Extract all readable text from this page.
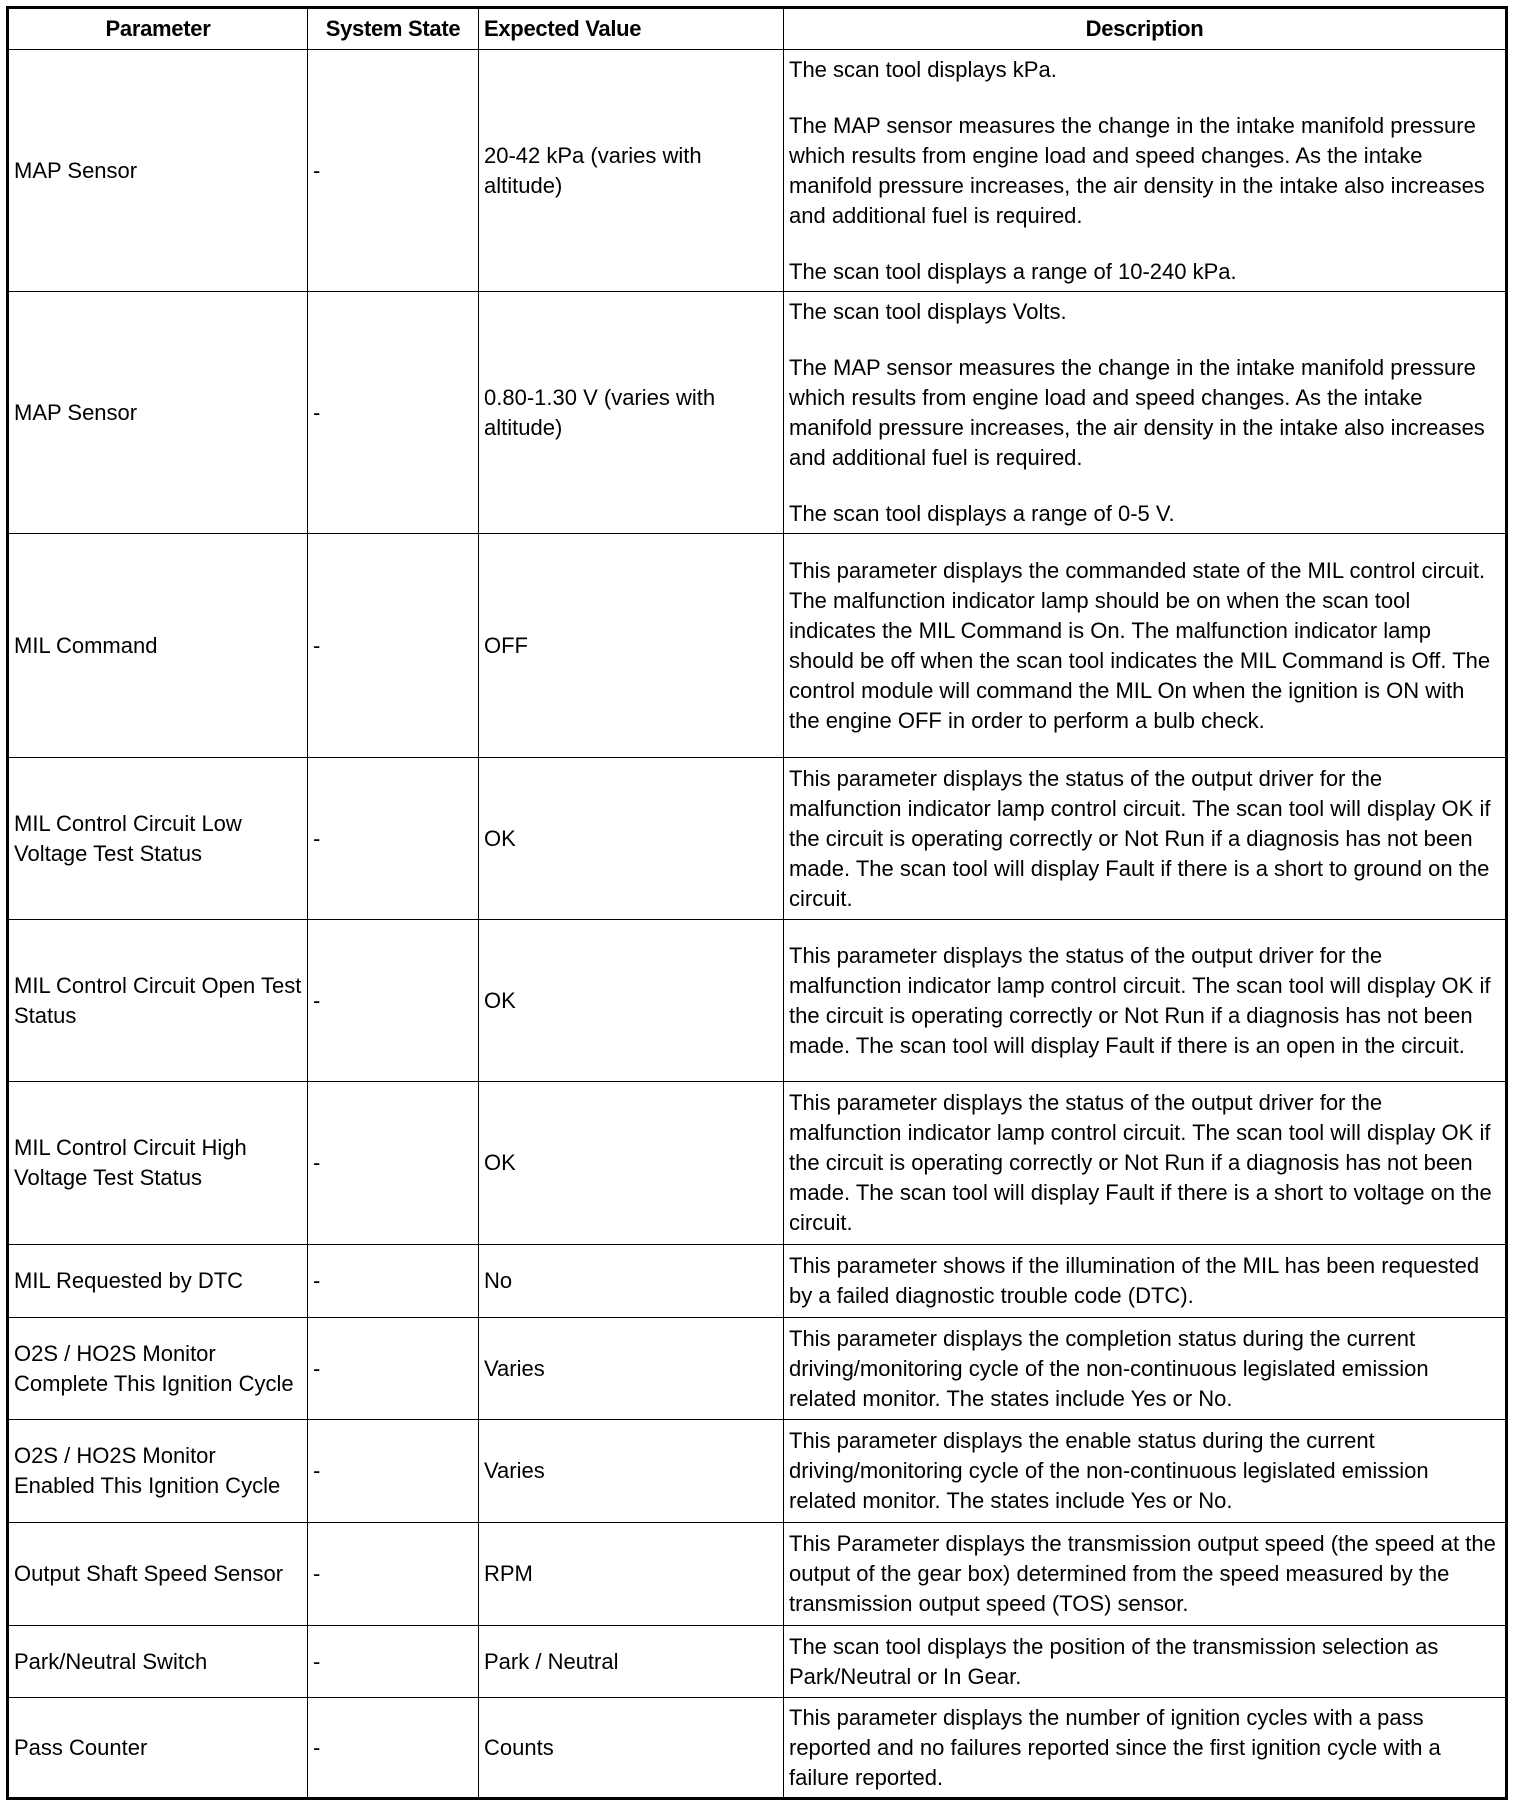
Parameter	System State	Expected Value	Description
MAP Sensor	-	20-42 kPa (varies with altitude)	The scan tool displays kPa.

The MAP sensor measures the change in the intake manifold pressure which results from engine load and speed changes. As the intake manifold pressure increases, the air density in the intake also increases and additional fuel is required.

The scan tool displays a range of 10-240 kPa.

MAP Sensor	-	0.80-1.30 V (varies with altitude)	The scan tool displays Volts.

The MAP sensor measures the change in the intake manifold pressure which results from engine load and speed changes. As the intake manifold pressure increases, the air density in the intake also increases and additional fuel is required.

The scan tool displays a range of 0-5 V.

MIL Command	-	OFF	This parameter displays the commanded state of the MIL control circuit. The malfunction indicator lamp should be on when the scan tool indicates the MIL Command is On. The malfunction indicator lamp should be off when the scan tool indicates the MIL Command is Off. The control module will command the MIL On when the ignition is ON with the engine OFF in order to perform a bulb check.

MIL Control Circuit Low Voltage Test Status	-	OK	This parameter displays the status of the output driver for the malfunction indicator lamp control circuit. The scan tool will display OK if the circuit is operating correctly or Not Run if a diagnosis has not been made. The scan tool will display Fault if there is a short to ground on the circuit.

MIL Control Circuit Open Test Status	-	OK	This parameter displays the status of the output driver for the malfunction indicator lamp control circuit. The scan tool will display OK if the circuit is operating correctly or Not Run if a diagnosis has not been made. The scan tool will display Fault if there is an open in the circuit.

MIL Control Circuit High Voltage Test Status	-	OK	This parameter displays the status of the output driver for the malfunction indicator lamp control circuit. The scan tool will display OK if the circuit is operating correctly or Not Run if a diagnosis has not been made. The scan tool will display Fault if there is a short to voltage on the circuit.

MIL Requested by DTC	-	No	This parameter shows if the illumination of the MIL has been requested by a failed diagnostic trouble code (DTC).

O2S / HO2S Monitor Complete This Ignition Cycle	-	Varies	This parameter displays the completion status during the current driving/monitoring cycle of the non-continuous legislated emission related monitor. The states include Yes or No.

O2S / HO2S Monitor Enabled This Ignition Cycle	-	Varies	This parameter displays the enable status during the current driving/monitoring cycle of the non-continuous legislated emission related monitor. The states include Yes or No.

Output Shaft Speed Sensor	-	RPM	This Parameter displays the transmission output speed (the speed at the output of the gear box) determined from the speed measured by the transmission output speed (TOS) sensor.

Park/Neutral Switch	-	Park / Neutral	The scan tool displays the position of the transmission selection as Park/Neutral or In Gear.

Pass Counter	-	Counts	This parameter displays the number of ignition cycles with a pass reported and no failures reported since the first ignition cycle with a failure reported.
